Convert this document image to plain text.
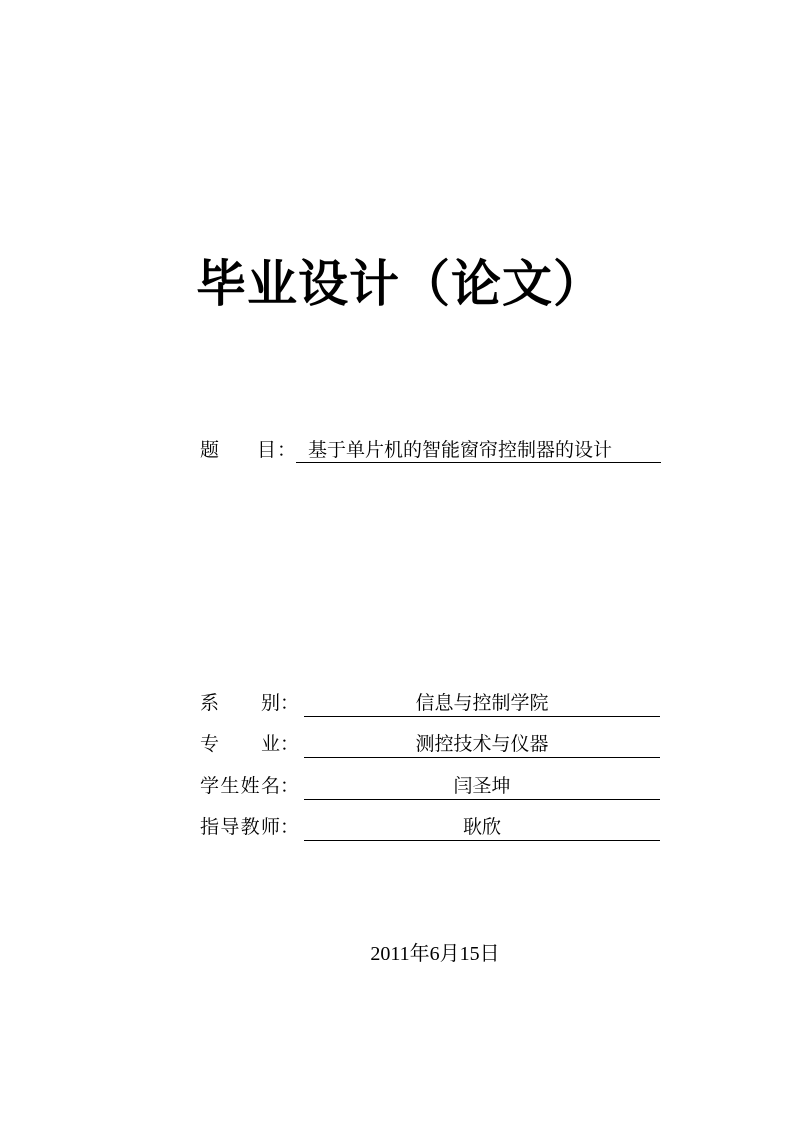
毕业设计（论文）
题　　目 ： 基于单片机的智能窗帘控制器的设计
系　　别 ：	信息与控制学院
专　　业 ：	测控技术与仪器
学生姓名 ：	闫圣坤
指导教师 ：	耿欣
2011年6月15日
